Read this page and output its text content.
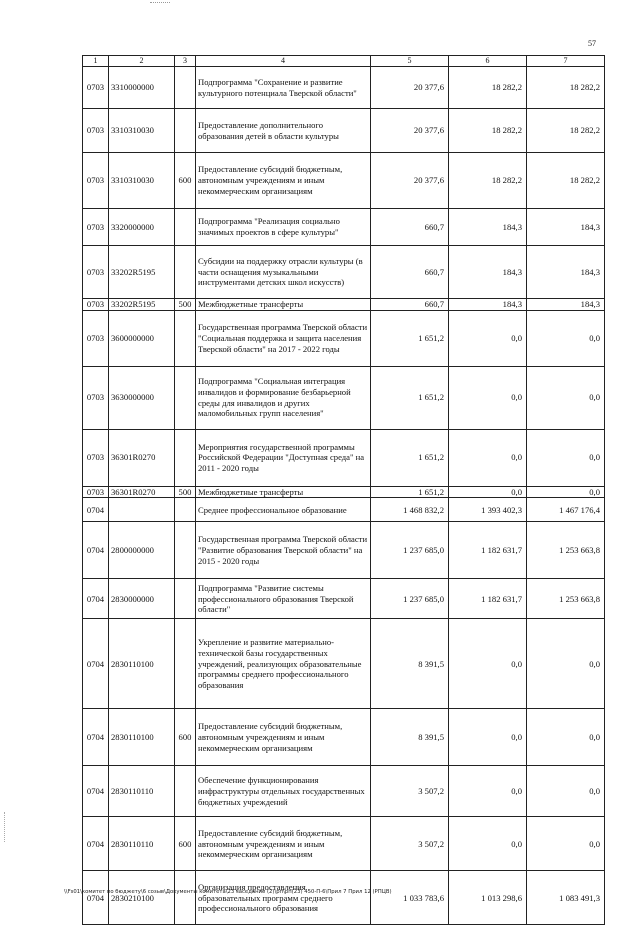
57
1	2	3	4	5	6	7
0703	3310000000		Подпрограмма "Сохранение и развитие культурного потенциала Тверской области"	20 377,6	18 282,2	18 282,2
0703	3310310030		Предоставление дополнительного образования детей в области культуры	20 377,6	18 282,2	18 282,2
0703	3310310030	600	Предоставление субсидий бюджетным, автономным учреждениям и иным некоммерческим организациям	20 377,6	18 282,2	18 282,2
0703	3320000000		Подпрограмма "Реализация социально значимых проектов в сфере культуры"	660,7	184,3	184,3
0703	33202R5195		Субсидии на поддержку отрасли культуры (в части оснащения музыкальными инструментами детских школ искусств)	660,7	184,3	184,3
0703	33202R5195	500	Межбюджетные трансферты	660,7	184,3	184,3
0703	3600000000		Государственная программа Тверской области "Социальная поддержка и защита населения Тверской области" на 2017 - 2022 годы	1 651,2	0,0	0,0
0703	3630000000		Подпрограмма "Социальная интеграция инвалидов и формирование безбарьерной среды для инвалидов и других маломобильных групп населения"	1 651,2	0,0	0,0
0703	36301R0270		Мероприятия государственной программы Российской Федерации "Доступная среда" на 2011 - 2020 годы	1 651,2	0,0	0,0
0703	36301R0270	500	Межбюджетные трансферты	1 651,2	0,0	0,0
0704			Среднее профессиональное образование	1 468 832,2	1 393 402,3	1 467 176,4
0704	2800000000		Государственная программа Тверской области "Развитие образования Тверской области" на 2015 - 2020 годы	1 237 685,0	1 182 631,7	1 253 663,8
0704	2830000000		Подпрограмма "Развитие системы профессионального образования Тверской области"	1 237 685,0	1 182 631,7	1 253 663,8
0704	2830110100		Укрепление и развитие материально-технической базы государственных учреждений, реализующих образовательные программы среднего профессионального образования	8 391,5	0,0	0,0
0704	2830110100	600	Предоставление субсидий бюджетным, автономным учреждениям и иным некоммерческим организациям	8 391,5	0,0	0,0
0704	2830110110		Обеспечение функционирования инфраструктуры отдельных государственных бюджетных учреждений	3 507,2	0,0	0,0
0704	2830110110	600	Предоставление субсидий бюджетным, автономным учреждениям и иным некоммерческим организациям	3 507,2	0,0	0,0
0704	2830210100		Организация предоставления образовательных программ среднего профессионального образования	1 033 783,6	1 013 298,6	1 083 491,3
\\Fs01\комитет по бюджету\6 созыв\Документы комитета\23 заседание (2)\рп\рп(23) 450-П-6\Прил 7 Прил 12 (РПЦВ)
